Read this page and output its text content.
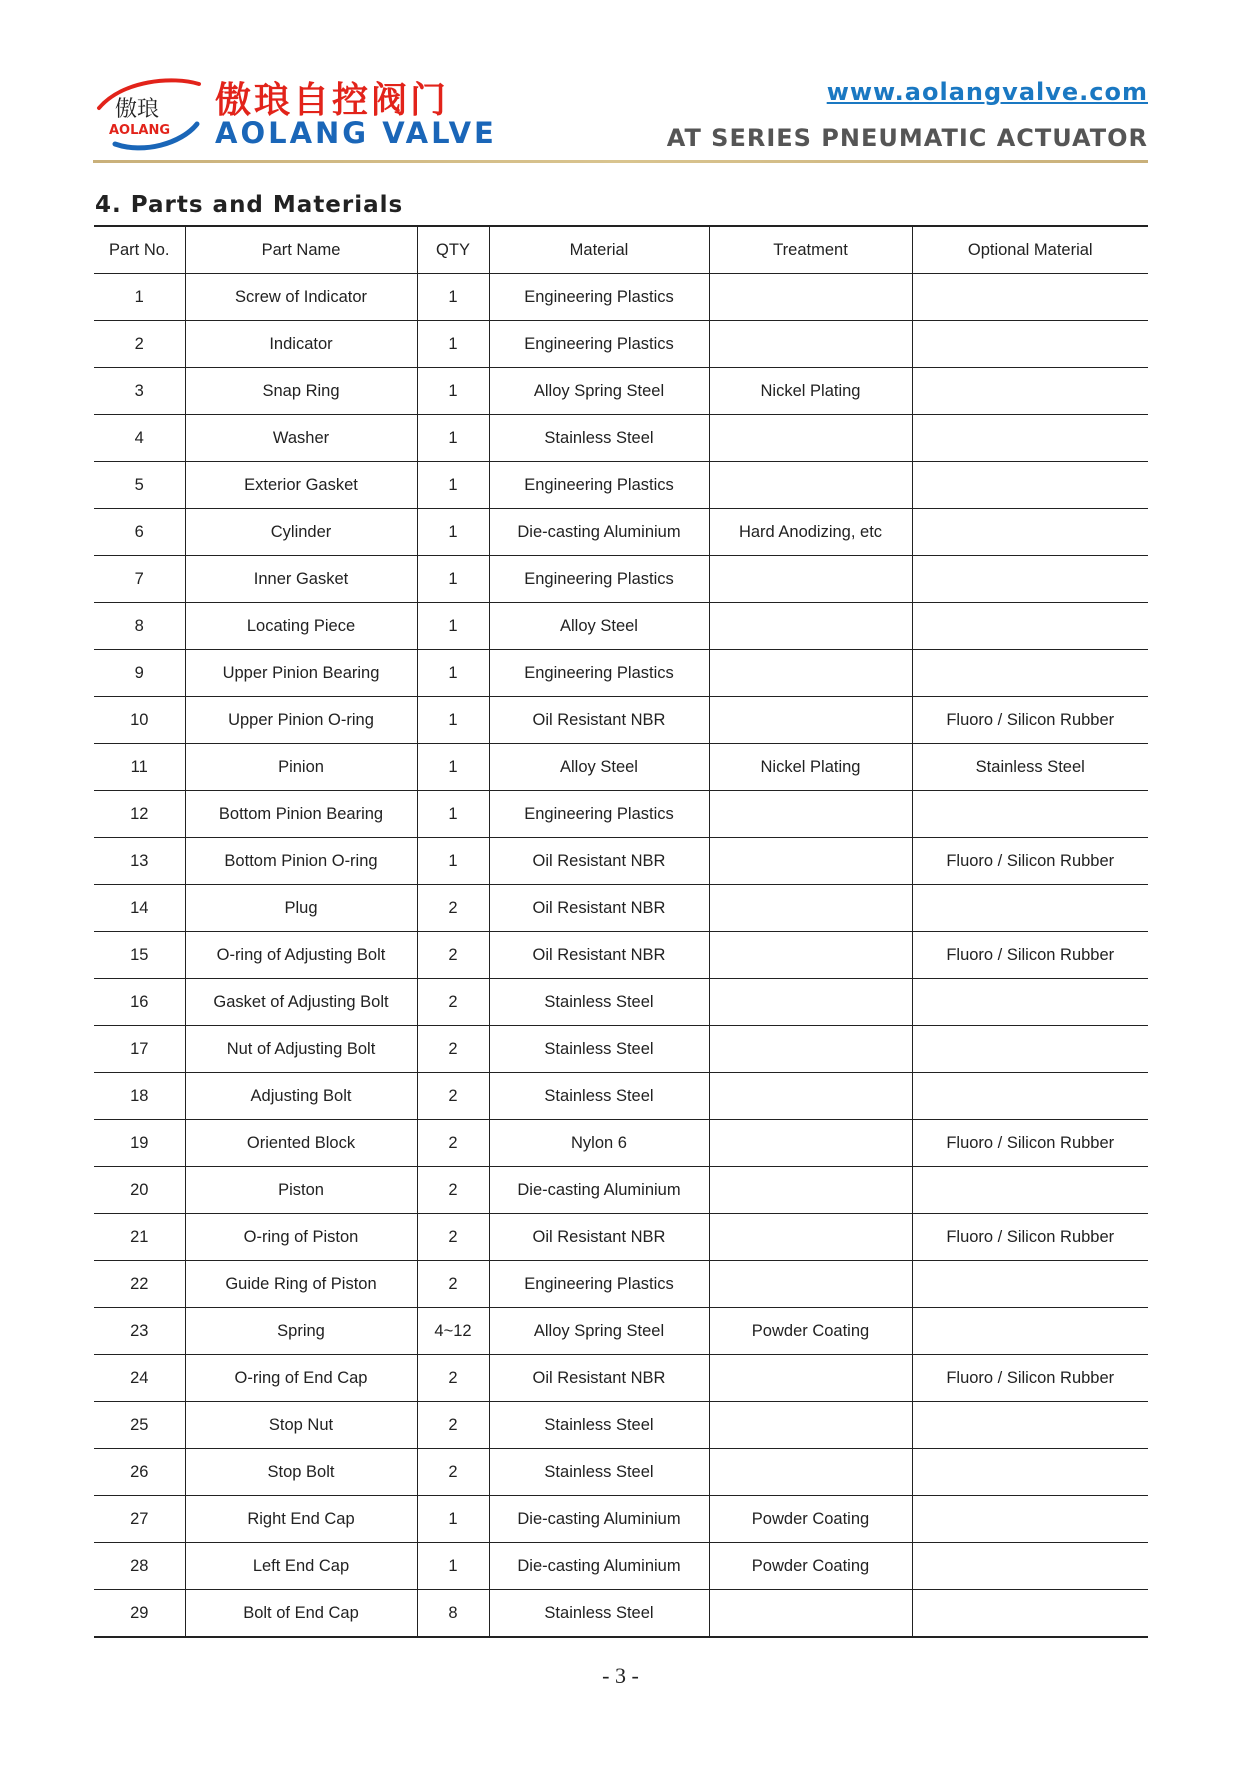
傲琅
AOLANG
傲琅自控阀门
AOLANG VALVE
www.aolangvalve.com
AT SERIES PNEUMATIC ACTUATOR
4. Parts and Materials
Part No.	Part Name	QTY	Material	Treatment	Optional Material
1	Screw of Indicator	1	Engineering Plastics		
2	Indicator	1	Engineering Plastics		
3	Snap Ring	1	Alloy Spring Steel	Nickel Plating	
4	Washer	1	Stainless Steel		
5	Exterior Gasket	1	Engineering Plastics		
6	Cylinder	1	Die-casting Aluminium	Hard Anodizing, etc	
7	Inner Gasket	1	Engineering Plastics		
8	Locating Piece	1	Alloy Steel		
9	Upper Pinion Bearing	1	Engineering Plastics		
10	Upper Pinion O-ring	1	Oil Resistant NBR		Fluoro / Silicon Rubber
11	Pinion	1	Alloy Steel	Nickel Plating	Stainless Steel
12	Bottom Pinion Bearing	1	Engineering Plastics		
13	Bottom Pinion O-ring	1	Oil Resistant NBR		Fluoro / Silicon Rubber
14	Plug	2	Oil Resistant NBR		
15	O-ring of Adjusting Bolt	2	Oil Resistant NBR		Fluoro / Silicon Rubber
16	Gasket of Adjusting Bolt	2	Stainless Steel		
17	Nut of Adjusting Bolt	2	Stainless Steel		
18	Adjusting Bolt	2	Stainless Steel		
19	Oriented Block	2	Nylon 6		Fluoro / Silicon Rubber
20	Piston	2	Die-casting Aluminium		
21	O-ring of Piston	2	Oil Resistant NBR		Fluoro / Silicon Rubber
22	Guide Ring of Piston	2	Engineering Plastics		
23	Spring	4~12	Alloy Spring Steel	Powder Coating	
24	O-ring of End Cap	2	Oil Resistant NBR		Fluoro / Silicon Rubber
25	Stop Nut	2	Stainless Steel		
26	Stop Bolt	2	Stainless Steel		
27	Right End Cap	1	Die-casting Aluminium	Powder Coating	
28	Left End Cap	1	Die-casting Aluminium	Powder Coating	
29	Bolt of End Cap	8	Stainless Steel		
- 3 -
